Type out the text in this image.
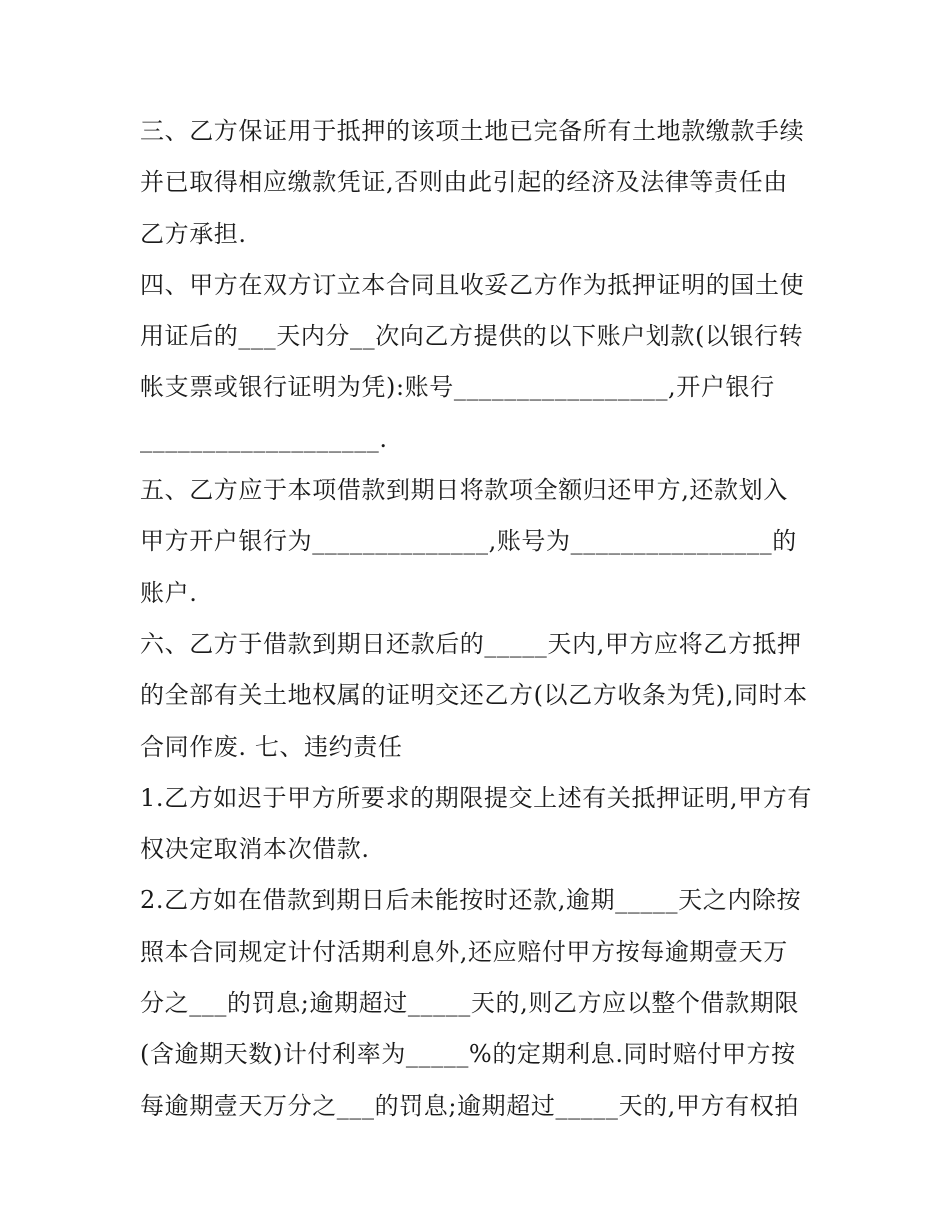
三、乙方保证用于抵押的该项土地已完备所有土地款缴款手续
并已取得相应缴款凭证,否则由此引起的经济及法律等责任由
乙方承担.
四、甲方在双方订立本合同且收妥乙方作为抵押证明的国土使
用证后的___天内分__次向乙方提供的以下账户划款(以银行转
帐支票或银行证明为凭):账号_________________,开户银行
___________________.
五、乙方应于本项借款到期日将款项全额归还甲方,还款划入
甲方开户银行为______________,账号为________________的
账户.
六、乙方于借款到期日还款后的_____天内,甲方应将乙方抵押
的全部有关土地权属的证明交还乙方(以乙方收条为凭),同时本
合同作废. 七、违约责任
1.乙方如迟于甲方所要求的期限提交上述有关抵押证明,甲方有
权决定取消本次借款.
2.乙方如在借款到期日后未能按时还款,逾期_____天之内除按
照本合同规定计付活期利息外,还应赔付甲方按每逾期壹天万
分之___的罚息;逾期超过_____天的,则乙方应以整个借款期限
(含逾期天数)计付利率为_____%的定期利息.同时赔付甲方按
每逾期壹天万分之___的罚息;逾期超过_____天的,甲方有权拍
